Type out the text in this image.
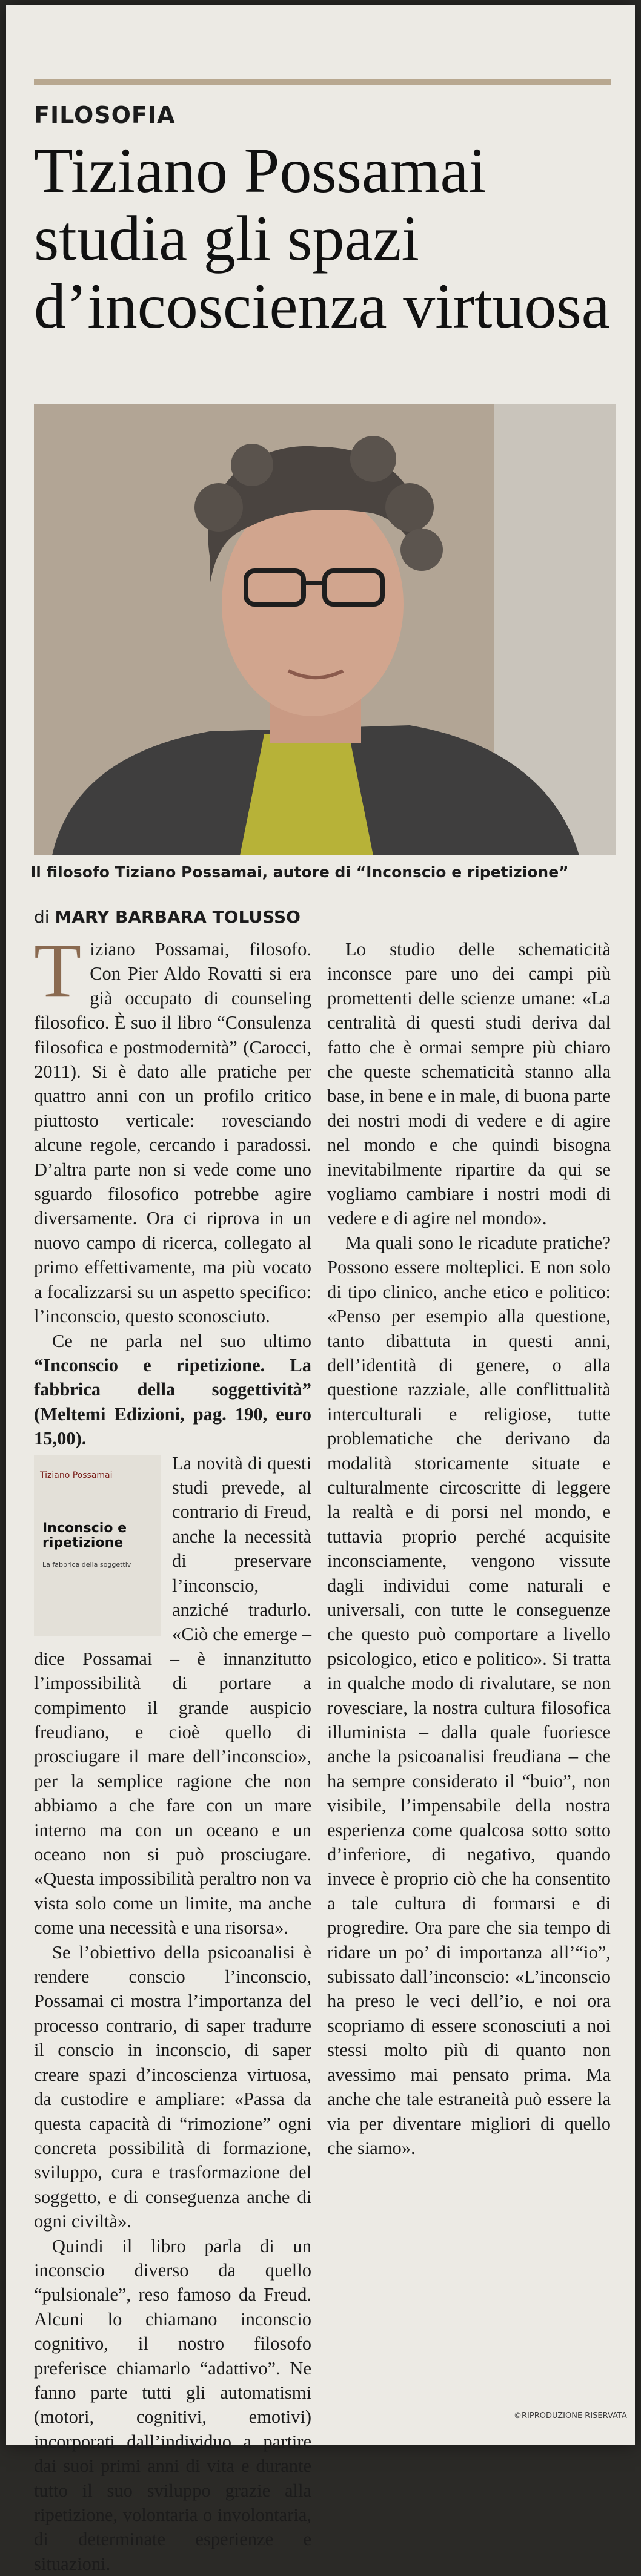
FILOSOFIA
Tiziano Possamai studia gli spazi d’incoscienza virtuosa
Il filosofo Tiziano Possamai, autore di “Inconscio e ripetizione”
di MARY BARBARA TOLUSSO

Tiziano Possamai, filosofo. Con Pier Aldo Rovatti si era già occupato di counseling filosofico. È suo il libro “Consulenza filosofica e postmodernità” (Carocci, 2011). Si è dato alle pratiche per quattro anni con un profilo critico piuttosto verticale: rovesciando alcune regole, cercando i paradossi. D’altra parte non si vede come uno sguardo filosofico potrebbe agire diversamente. Ora ci riprova in un nuovo campo di ricerca, collegato al primo effettivamente, ma più vocato a focalizzarsi su un aspetto specifico: l’inconscio, questo sconosciuto.

Ce ne parla nel suo ultimo “Inconscio e ripetizione. La fabbrica della soggettività” (Meltemi Edizioni, pag. 190, euro 15,00).

Tiziano Possamai
Inconscio e ripetizione
La fabbrica della soggettiv
La novità di questi studi prevede, al contrario di Freud, anche la necessità di preservare l’inconscio, anziché tradurlo. «Ciò che emerge – dice Possamai – è innanzitutto l’impossibilità di portare a compimento il grande auspicio freudiano, e cioè quello di prosciugare il mare dell’inconscio», per la semplice ragione che non abbiamo a che fare con un mare interno ma con un oceano e un oceano non si può prosciugare. «Questa impossibilità peraltro non va vista solo come un limite, ma anche come una necessità e una risorsa».

Se l’obiettivo della psicoanalisi è rendere conscio l’inconscio, Possamai ci mostra l’importanza del processo contrario, di saper tradurre il conscio in inconscio, di saper creare spazi d’incoscienza virtuosa, da custodire e ampliare: «Passa da questa capacità di “rimozione” ogni concreta possibilità di formazione, sviluppo, cura e trasformazione del soggetto, e di conseguenza anche di ogni civiltà».

Quindi il libro parla di un inconscio diverso da quello “pulsionale”, reso famoso da Freud. Alcuni lo chiamano inconscio cognitivo, il nostro filosofo preferisce chiamarlo “adattivo”. Ne fanno parte tutti gli automatismi (motori, cognitivi, emotivi) incorporati dall’individuo a partire dai suoi primi anni di vita e durante tutto il suo sviluppo grazie alla ripetizione, volontaria o involontaria, di determinate esperienze e situazioni.

Lo studio delle schematicità inconsce pare uno dei campi più promettenti delle scienze umane: «La centralità di questi studi deriva dal fatto che è ormai sempre più chiaro che queste schematicità stanno alla base, in bene e in male, di buona parte dei nostri modi di vedere e di agire nel mondo e che quindi bisogna inevitabilmente ripartire da qui se vogliamo cambiare i nostri modi di vedere e di agire nel mondo».

Ma quali sono le ricadute pratiche? Possono essere molteplici. E non solo di tipo clinico, anche etico e politico: «Penso per esempio alla questione, tanto dibattuta in questi anni, dell’identità di genere, o alla questione razziale, alle conflittualità interculturali e religiose, tutte problematiche che derivano da modalità storicamente situate e culturalmente circoscritte di leggere la realtà e di porsi nel mondo, e tuttavia proprio perché acquisite inconsciamente, vengono vissute dagli individui come naturali e universali, con tutte le conseguenze che questo può comportare a livello psicologico, etico e politico». Si tratta in qualche modo di rivalutare, se non rovesciare, la nostra cultura filosofica illuminista – dalla quale fuoriesce anche la psicoanalisi freudiana – che ha sempre considerato il “buio”, non visibile, l’impensabile della nostra esperienza come qualcosa sotto sotto d’inferiore, di negativo, quando invece è proprio ciò che ha consentito a tale cultura di formarsi e di progredire. Ora pare che sia tempo di ridare un po’ di importanza all’“io”, subissato dall’inconscio: «L’inconscio ha preso le veci dell’io, e noi ora scopriamo di essere sconosciuti a noi stessi molto più di quanto non avessimo mai pensato prima. Ma anche che tale estraneità può essere la via per diventare migliori di quello che siamo».

©RIPRODUZIONE RISERVATA
